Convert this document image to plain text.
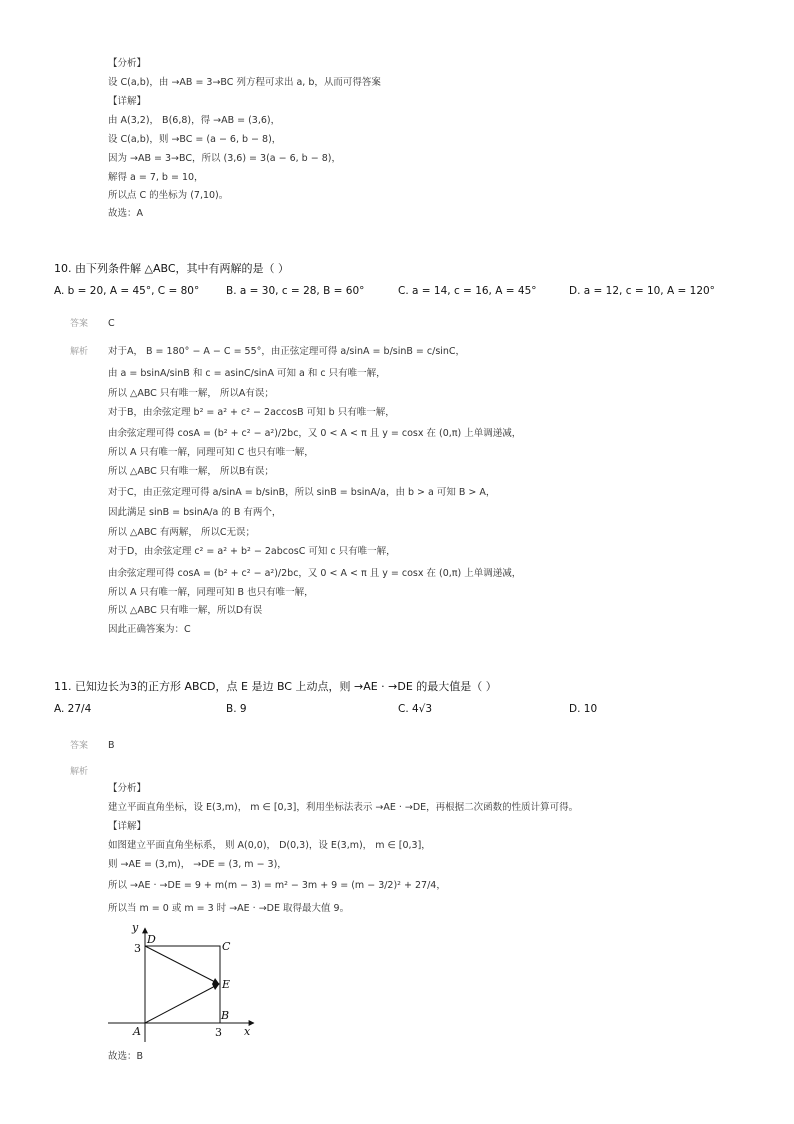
【分析】
设 C(a,b)，由 →AB = 3→BC 列方程可求出 a, b，从而可得答案
【详解】
由 A(3,2)， B(6,8)，得 →AB = (3,6)，
设 C(a,b)，则 →BC = (a − 6, b − 8)，
因为 →AB = 3→BC，所以 (3,6) = 3(a − 6, b − 8)，
解得 a = 7, b = 10，
所以点 C 的坐标为 (7,10)。
故选：A
10. 由下列条件解 △ABC，其中有两解的是（ ）
A. b = 20, A = 45°, C = 80°	B. a = 30, c = 28, B = 60°	C. a = 14, c = 16, A = 45°	D. a = 12, c = 10, A = 120°
答案 C
解析 对于A， B = 180° − A − C = 55°，由正弦定理可得 a/sinA = b/sinB = c/sinC，
由 a = bsinA/sinB 和 c = asinC/sinA 可知 a 和 c 只有唯一解，
所以 △ABC 只有唯一解， 所以A有误；
对于B，由余弦定理 b² = a² + c² − 2accosB 可知 b 只有唯一解，
由余弦定理可得 cosA = (b² + c² − a²)/2bc，又 0 < A < π 且 y = cosx 在 (0,π) 上单调递减，
所以 A 只有唯一解，同理可知 C 也只有唯一解，
所以 △ABC 只有唯一解， 所以B有误；
对于C，由正弦定理可得 a/sinA = b/sinB，所以 sinB = bsinA/a，由 b > a 可知 B > A，
因此满足 sinB = bsinA/a 的 B 有两个，
所以 △ABC 有两解， 所以C无误；
对于D，由余弦定理 c² = a² + b² − 2abcosC 可知 c 只有唯一解，
由余弦定理可得 cosA = (b² + c² − a²)/2bc，又 0 < A < π 且 y = cosx 在 (0,π) 上单调递减，
所以 A 只有唯一解，同理可知 B 也只有唯一解，
所以 △ABC 只有唯一解，所以D有误
因此正确答案为：C
11. 已知边长为3的正方形 ABCD，点 E 是边 BC 上动点，则 →AE · →DE 的最大值是（ ）
A. 27/4	B. 9	C. 4√3	D. 10
答案 B
解析
【分析】
建立平面直角坐标，设 E(3,m)， m ∈ [0,3]，利用坐标法表示 →AE · →DE，再根据二次函数的性质计算可得。
【详解】
如图建立平面直角坐标系， 则 A(0,0)， D(0,3)，设 E(3,m)， m ∈ [0,3]，
则 →AE = (3,m)， →DE = (3, m − 3)，
所以 →AE · →DE = 9 + m(m − 3) = m² − 3m + 9 = (m − 3/2)² + 27/4，
所以当 m = 0 或 m = 3 时 →AE · →DE 取得最大值 9。
y
x
3
3
D
C
E
B
A
故选：B
